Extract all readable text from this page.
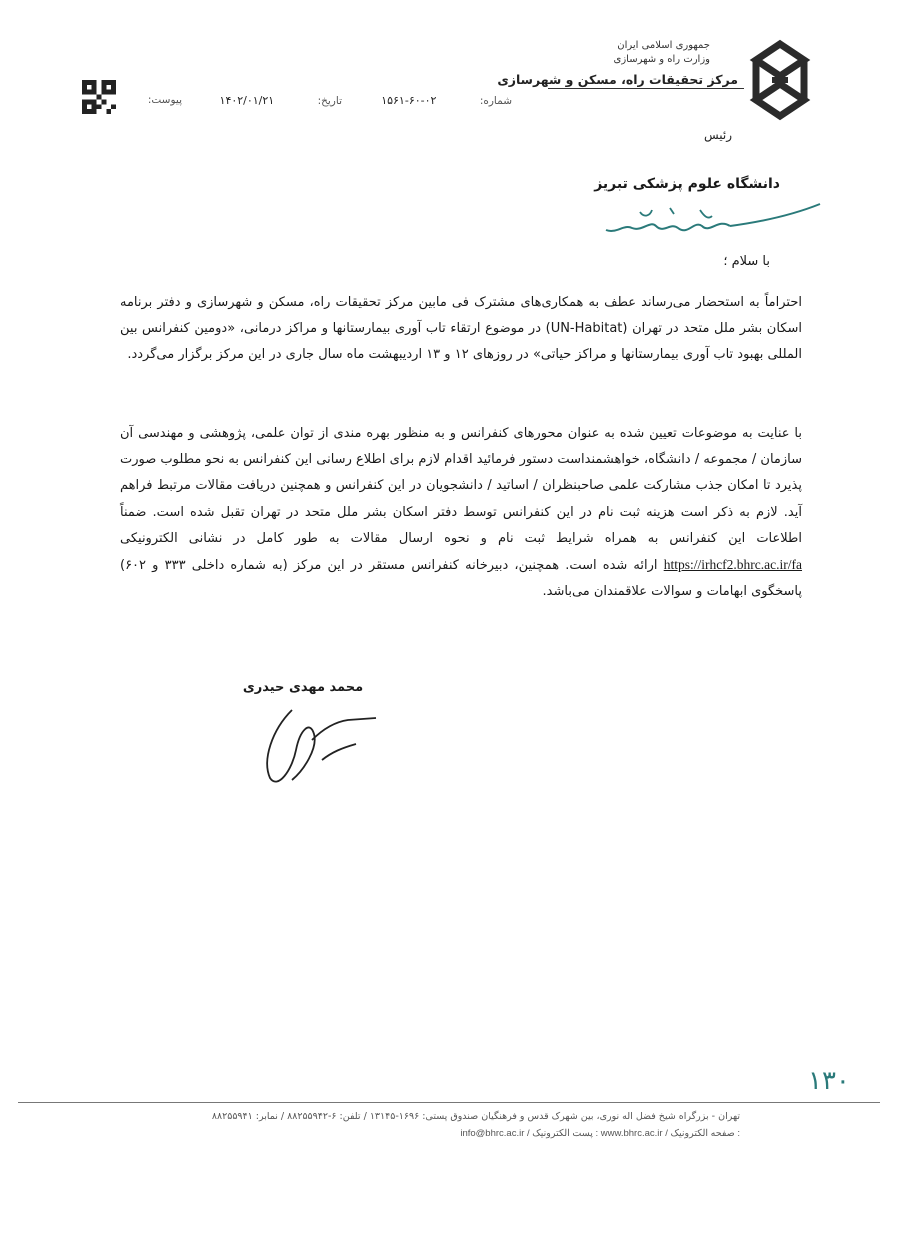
جمهوری اسلامی ایران
وزارت راه و شهرسازی
مرکز تحقیقات راه، مسکن و شهرسازی
شماره: ۰۲-۶۰-۱۵۶۱
تاریخ: ۱۴۰۲/۰۱/۲۱
پیوست:
رئیس
دانشگاه علوم پزشکی تبریز
با سلام ؛
احتراماً به استحضار می‌رساند عطف به همکاری‌های مشترک فی مابین مرکز تحقیقات راه، مسکن و شهرسازی و دفتر برنامه اسکان بشر ملل متحد در تهران (UN-Habitat) در موضوع ارتقاء تاب آوری بیمارستانها و مراکز درمانی، «دومین کنفرانس بین المللی بهبود تاب آوری بیمارستانها و مراکز حیاتی» در روزهای ۱۲ و ۱۳ اردیبهشت ماه سال جاری در این مرکز برگزار می‌گردد.
با عنایت به موضوعات تعیین شده به عنوان محورهای کنفرانس و به منظور بهره مندی از توان علمی، پژوهشی و مهندسی آن سازمان / مجموعه / دانشگاه، خواهشمنداست دستور فرمائید اقدام لازم برای اطلاع رسانی این کنفرانس به نحو مطلوب صورت پذیرد تا امکان جذب مشارکت علمی صاحبنظران / اساتید / دانشجویان در این کنفرانس و همچنین دریافت مقالات مرتبط فراهم آید. لازم به ذکر است هزینه ثبت نام در این کنفرانس توسط دفتر اسکان بشر ملل متحد در تهران تقبل شده است. ضمناً اطلاعات این کنفرانس به همراه شرایط ثبت نام و نحوه ارسال مقالات به طور کامل در نشانی الکترونیکی https://irhcf2.bhrc.ac.ir/fa ارائه شده است. همچنین، دبیرخانه کنفرانس مستقر در این مرکز (به شماره داخلی ۳۳۳ و ۶۰۲) پاسخگوی ابهامات و سوالات علاقمندان می‌باشد.
محمد مهدی حیدری
۱۳۰
تهران - بزرگراه شیخ فضل اله نوری، بین شهرک قدس و فرهنگیان صندوق پستی: ۱۶۹۶-۱۳۱۴۵ / تلفن: ۶-۸۸۲۵۵۹۴۲ / نمابر: ۸۸۲۵۵۹۴۱
info@bhrc.ac.ir / پست الکترونیک : www.bhrc.ac.ir / صفحه الکترونیک :
